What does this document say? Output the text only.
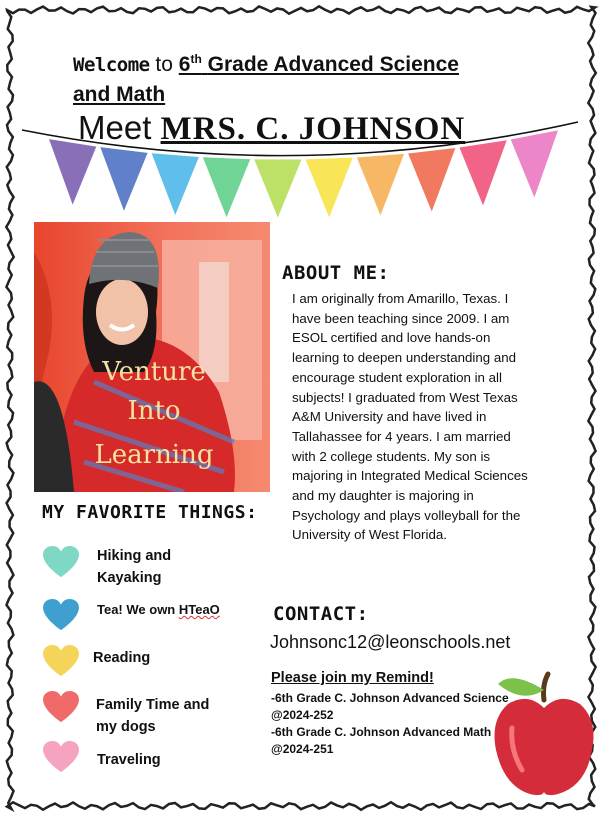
Welcome to 6th Grade Advanced Science
and Math
Meet MRS. C. JOHNSON
Venture
Into
Learning
ABOUT ME:
I am originally from Amarillo, Texas. I
have been teaching since 2009. I am
ESOL certified and love hands-on
learning to deepen understanding and
encourage student exploration in all
subjects! I graduated from West Texas
A&M University and have lived in
Tallahassee for 4 years. I am married
with 2 college students. My son is
majoring in Integrated Medical Sciences
and my daughter is majoring in
Psychology and plays volleyball for the
University of West Florida.
MY FAVORITE THINGS:
Hiking and
Kayaking
Tea! We own HTeaO
Reading
Family Time and
my dogs
Traveling
CONTACT:
Johnsonc12@leonschools.net
Please join my Remind!
-6th Grade C. Johnson Advanced Science
@2024-252
-6th Grade C. Johnson Advanced Math
@2024-251
